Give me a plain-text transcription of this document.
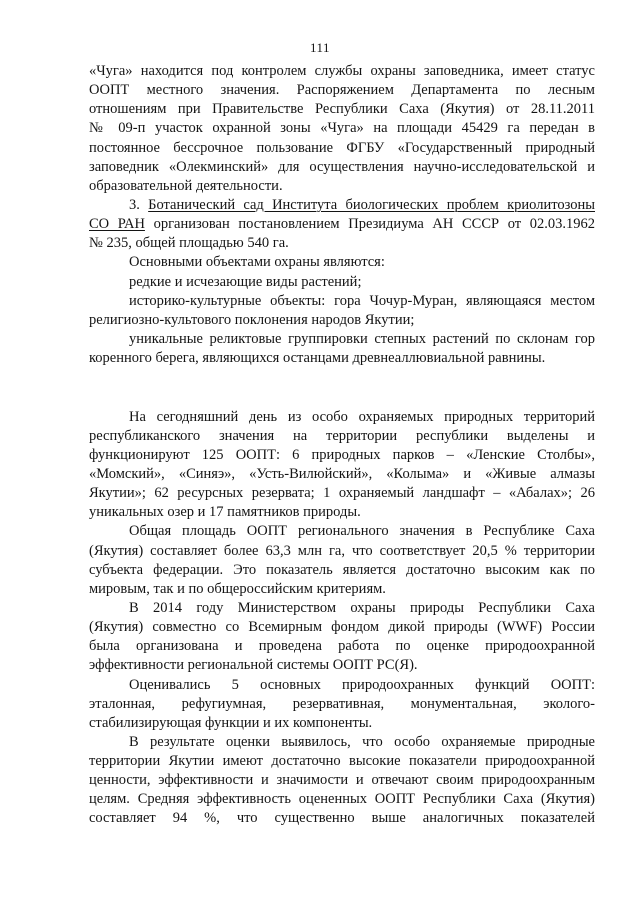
111
«Чуга» находится под контролем службы охраны заповедника, имеет статус
ООПТ местного значения. Распоряжением Департамента по лесным
отношениям при Правительстве Республики Саха (Якутия) от 28.11.2011
№ 09-п участок охранной зоны «Чуга» на площади 45429 га передан в
постоянное бессрочное пользование ФГБУ «Государственный природный
заповедник «Олекминский» для осуществления научно-исследовательской и
образовательной деятельности.
3. Ботанический сад Института биологических проблем криолитозоны
СО РАН организован постановлением Президиума АН СССР от 02.03.1962
№ 235, общей площадью 540 га.
Основными объектами охраны являются:
редкие и исчезающие виды растений;
историко-культурные объекты: гора Чочур-Муран, являющаяся местом
религиозно-культового поклонения народов Якутии;
уникальные реликтовые группировки степных растений по склонам гор
коренного берега, являющихся останцами древнеаллювиальной равнины.
На сегодняшний день из особо охраняемых природных территорий
республиканского значения на территории республики выделены и
функционируют 125 ООПТ: 6 природных парков – «Ленские Столбы»,
«Момский», «Синяэ», «Усть-Вилюйский», «Колыма» и «Живые алмазы
Якутии»; 62 ресурсных резервата; 1 охраняемый ландшафт – «Абалах»; 26
уникальных озер и 17 памятников природы.
Общая площадь ООПТ регионального значения в Республике Саха
(Якутия) составляет более 63,3 млн га, что соответствует 20,5 % территории
субъекта федерации. Это показатель является достаточно высоким как по
мировым, так и по общероссийским критериям.
В 2014 году Министерством охраны природы Республики Саха
(Якутия) совместно со Всемирным фондом дикой природы (WWF) России
была организована и проведена работа по оценке природоохранной
эффективности региональной системы ООПТ РС(Я).
Оценивались 5 основных природоохранных функций ООПТ:
эталонная, рефугиумная, резервативная, монументальная, эколого-
стабилизирующая функции и их компоненты.
В результате оценки выявилось, что особо охраняемые природные
территории Якутии имеют достаточно высокие показатели природоохранной
ценности, эффективности и значимости и отвечают своим природоохранным
целям. Средняя эффективность оцененных ООПТ Республики Саха (Якутия)
составляет 94 %, что существенно выше аналогичных показателей
